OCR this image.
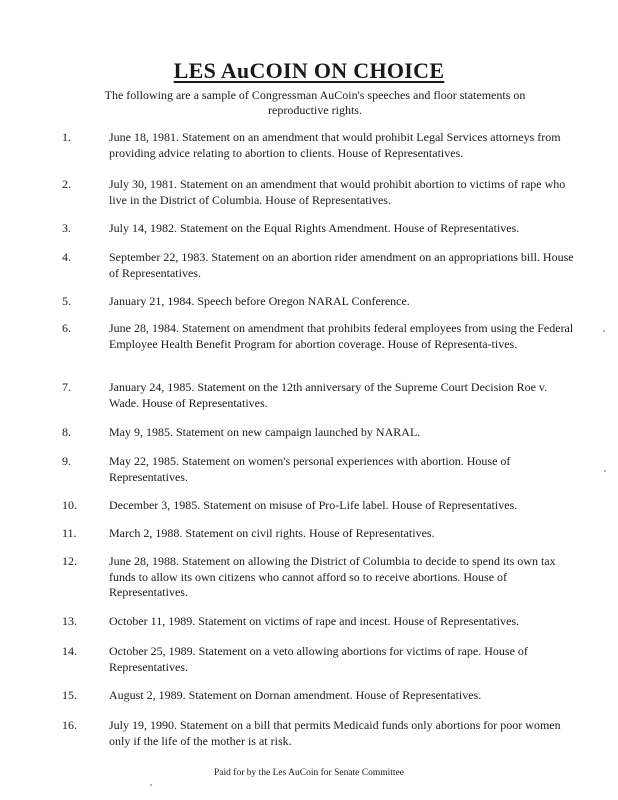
LES AuCOIN ON CHOICE
The following are a sample of Congressman AuCoin's speeches and floor statements on reproductive rights.
1.	June 18, 1981. Statement on an amendment that would prohibit Legal Services attorneys from providing advice relating to abortion to clients. House of Representatives.
2.	July 30, 1981. Statement on an amendment that would prohibit abortion to victims of rape who live in the District of Columbia. House of Representatives.
3.	July 14, 1982. Statement on the Equal Rights Amendment. House of Representatives.
4.	September 22, 1983. Statement on an abortion rider amendment on an appropriations bill. House of Representatives.
5.	January 21, 1984. Speech before Oregon NARAL Conference.
6.	June 28, 1984. Statement on amendment that prohibits federal employees from using the Federal Employee Health Benefit Program for abortion coverage. House of Representa-tives.
7.	January 24, 1985. Statement on the 12th anniversary of the Supreme Court Decision Roe v. Wade. House of Representatives.
8.	May 9, 1985. Statement on new campaign launched by NARAL.
9.	May 22, 1985. Statement on women's personal experiences with abortion. House of Representatives.
10.	December 3, 1985. Statement on misuse of Pro-Life label. House of Representatives.
11.	March 2, 1988. Statement on civil rights. House of Representatives.
12.	June 28, 1988. Statement on allowing the District of Columbia to decide to spend its own tax funds to allow its own citizens who cannot afford so to receive abortions. House of Representatives.
13.	October 11, 1989. Statement on victims of rape and incest. House of Representatives.
14.	October 25, 1989. Statement on a veto allowing abortions for victims of rape. House of Representatives.
15.	August 2, 1989. Statement on Dornan amendment. House of Representatives.
16.	July 19, 1990. Statement on a bill that permits Medicaid funds only abortions for poor women only if the life of the mother is at risk.
Paid for by the Les AuCoin for Senate Committee
